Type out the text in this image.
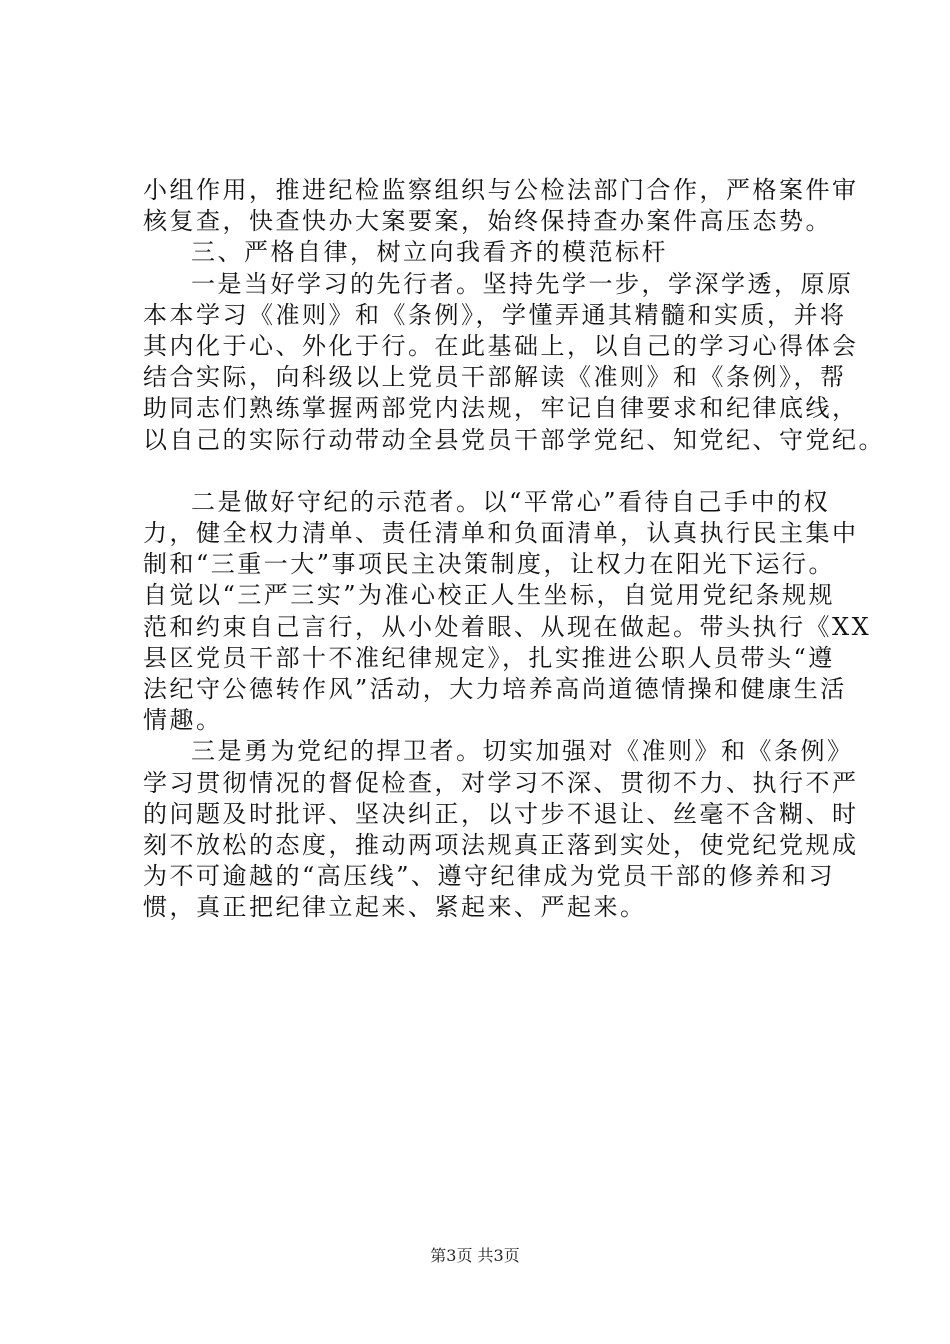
小组作用，推进纪检监察组织与公检法部门合作，严格案件审
核复查，快查快办大案要案，始终保持查办案件高压态势。
三、严格自律，树立向我看齐的模范标杆
一是当好学习的先行者。坚持先学一步，学深学透，原原
本本学习《准则》和《条例》，学懂弄通其精髓和实质，并将
其内化于心、外化于行。在此基础上，以自己的学习心得体会
结合实际，向科级以上党员干部解读《准则》和《条例》，帮
助同志们熟练掌握两部党内法规，牢记自律要求和纪律底线，
以自己的实际行动带动全县党员干部学党纪、知党纪、守党纪。
二是做好守纪的示范者。以“平常心”看待自己手中的权
力，健全权力清单、责任清单和负面清单，认真执行民主集中
制和“三重一大”事项民主决策制度，让权力在阳光下运行。
自觉以“三严三实”为准心校正人生坐标，自觉用党纪条规规
范和约束自己言行，从小处着眼、从现在做起。带头执行《XX
县区党员干部十不准纪律规定》，扎实推进公职人员带头“遵
法纪守公德转作风”活动，大力培养高尚道德情操和健康生活
情趣。
三是勇为党纪的捍卫者。切实加强对《准则》和《条例》
学习贯彻情况的督促检查，对学习不深、贯彻不力、执行不严
的问题及时批评、坚决纠正，以寸步不退让、丝毫不含糊、时
刻不放松的态度，推动两项法规真正落到实处，使党纪党规成
为不可逾越的“高压线”、遵守纪律成为党员干部的修养和习
惯，真正把纪律立起来、紧起来、严起来。
第3页 共3页
